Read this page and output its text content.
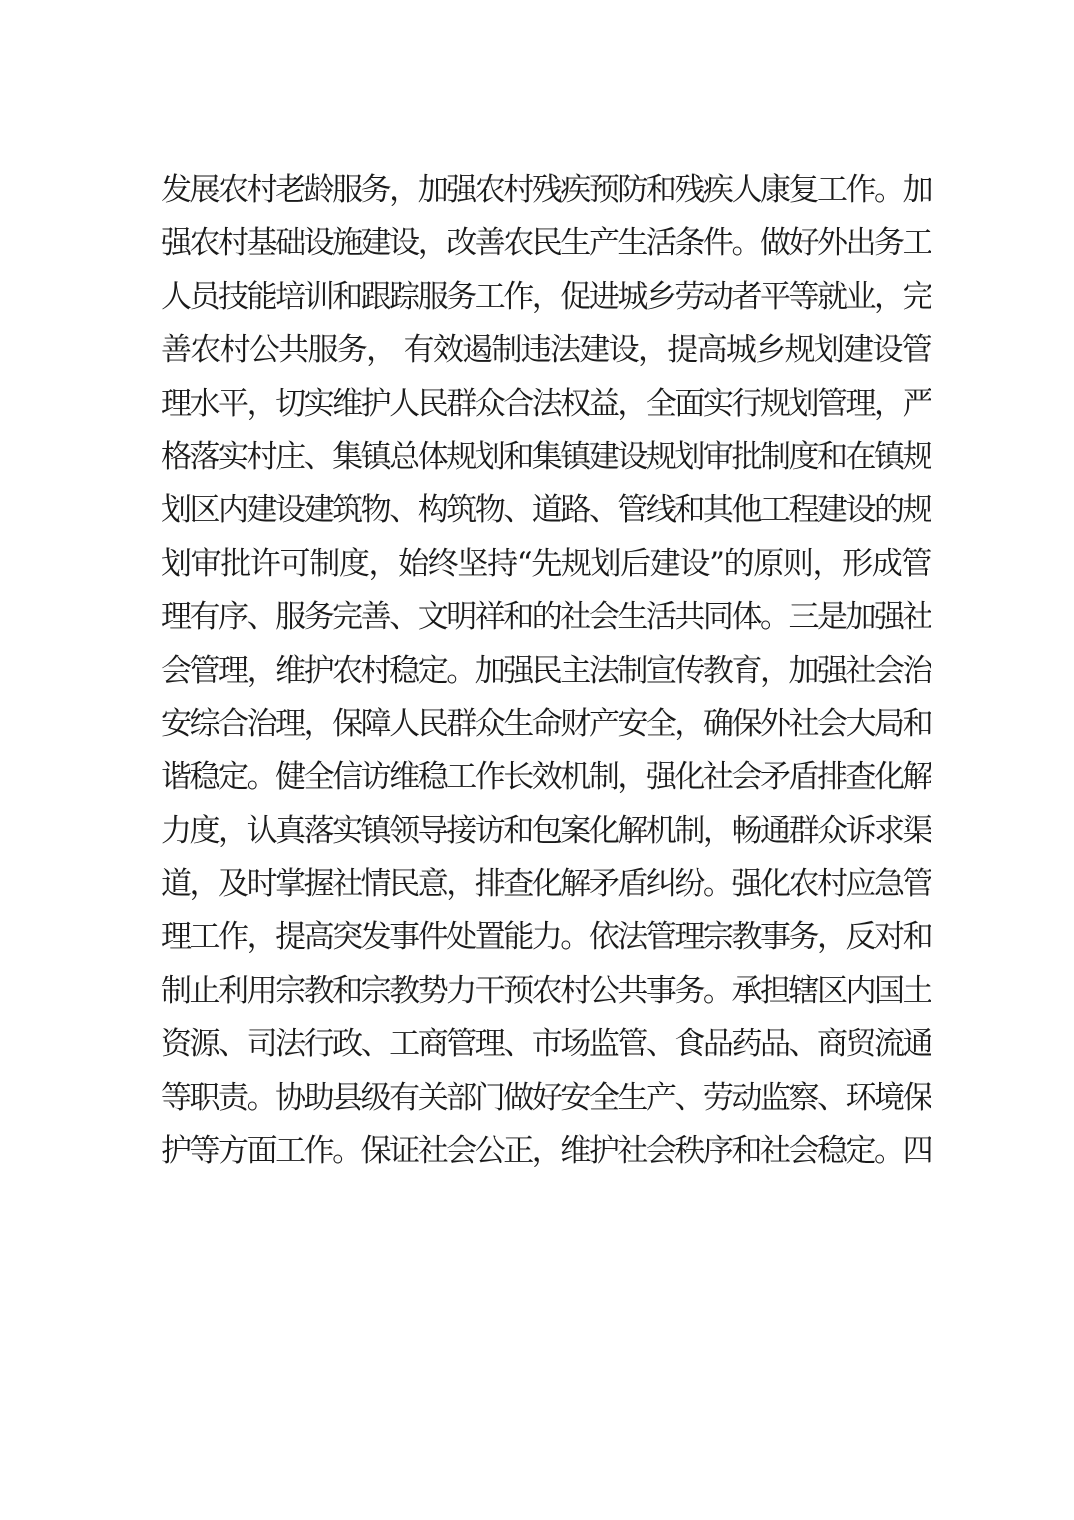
发展农村老龄服务，加强农村残疾预防和残疾人康复工作。加
强农村基础设施建设，改善农民生产生活条件。做好外出务工
人员技能培训和跟踪服务工作，促进城乡劳动者平等就业，完
善农村公共服务， 有效遏制违法建设，提高城乡规划建设管
理水平，切实维护人民群众合法权益，全面实行规划管理，严
格落实村庄、集镇总体规划和集镇建设规划审批制度和在镇规
划区内建设建筑物、构筑物、道路、管线和其他工程建设的规
划审批许可制度，始终坚持“先规划后建设”的原则，形成管
理有序、服务完善、文明祥和的社会生活共同体。三是加强社
会管理，维护农村稳定。加强民主法制宣传教育，加强社会治
安综合治理，保障人民群众生命财产安全，确保外社会大局和
谐稳定。健全信访维稳工作长效机制，强化社会矛盾排查化解
力度，认真落实镇领导接访和包案化解机制，畅通群众诉求渠
道，及时掌握社情民意，排查化解矛盾纠纷。强化农村应急管
理工作，提高突发事件处置能力。依法管理宗教事务，反对和
制止利用宗教和宗教势力干预农村公共事务。承担辖区内国土
资源、司法行政、工商管理、市场监管、食品药品、商贸流通
等职责。协助县级有关部门做好安全生产、劳动监察、环境保
护等方面工作。保证社会公正，维护社会秩序和社会稳定。四
